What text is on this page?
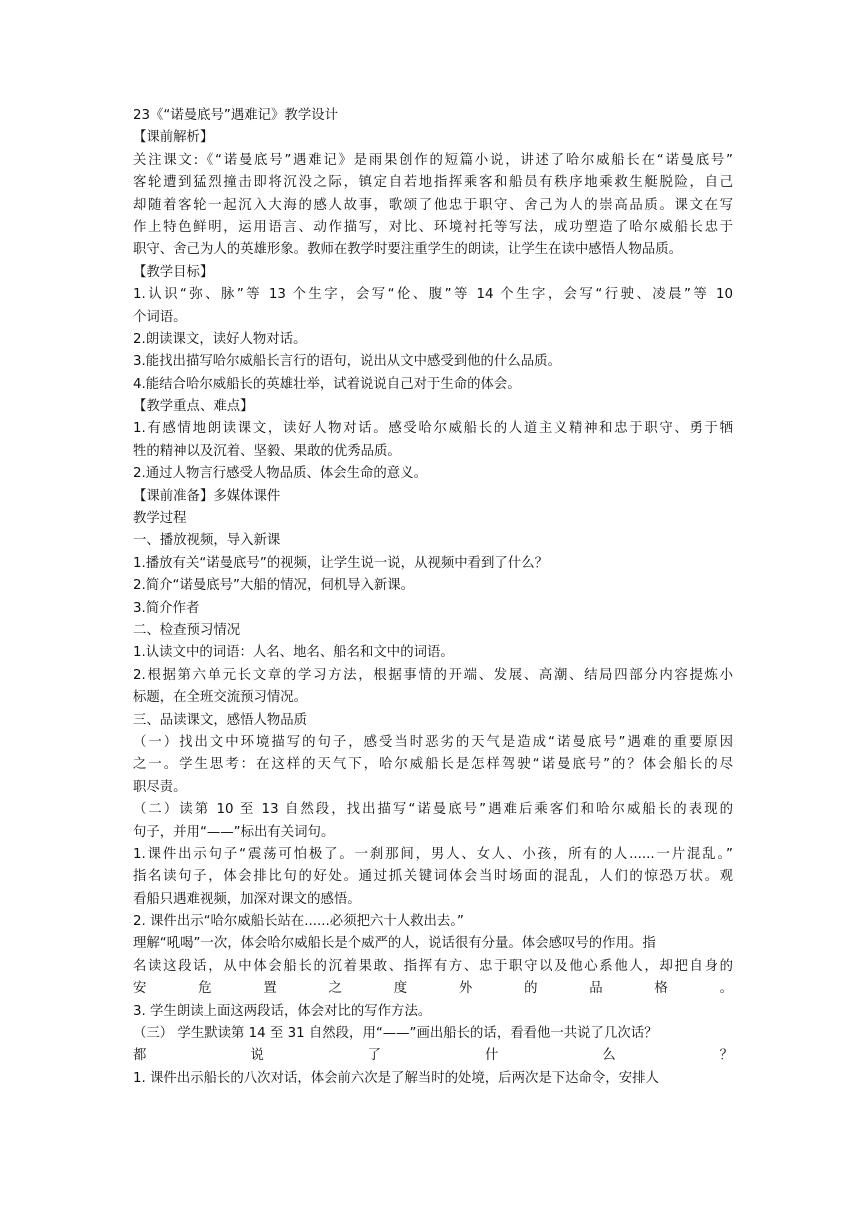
23《“诺曼底号”遇难记》教学设计
【课前解析】
关注课文:《“诺曼底号”遇难记》是雨果创作的短篇小说，讲述了哈尔威船长在“诺曼底号”
客轮遭到猛烈撞击即将沉没之际，镇定自若地指挥乘客和船员有秩序地乘救生艇脱险，自己
却随着客轮一起沉入大海的感人故事，歌颂了他忠于职守、舍己为人的崇高品质。课文在写
作上特色鲜明，运用语言、动作描写，对比、环境衬托等写法，成功塑造了哈尔威船长忠于
职守、舍己为人的英雄形象。教师在教学时要注重学生的朗读，让学生在读中感悟人物品质。
【教学目标】
1.认识“弥、脉”等 13 个生字，会写“伦、腹”等 14 个生字，会写“行驶、凌晨”等 10
个词语。
2.朗读课文，读好人物对话。
3.能找出描写哈尔威船长言行的语句，说出从文中感受到他的什么品质。
4.能结合哈尔威船长的英雄壮举，试着说说自己对于生命的体会。
【教学重点、难点】
1.有感情地朗读课文，读好人物对话。感受哈尔威船长的人道主义精神和忠于职守、勇于牺
牲的精神以及沉着、坚毅、果敢的优秀品质。
2.通过人物言行感受人物品质、体会生命的意义。
【课前准备】多媒体课件
教学过程
一、播放视频，导入新课
1.播放有关“诺曼底号”的视频，让学生说一说，从视频中看到了什么？
2.简介“诺曼底号”大船的情况，伺机导入新课。
3.简介作者
二、检查预习情况
1.认读文中的词语：人名、地名、船名和文中的词语。
2.根据第六单元长文章的学习方法，根据事情的开端、发展、高潮、结局四部分内容提炼小
标题，在全班交流预习情况。
三、品读课文，感悟人物品质
（一）找出文中环境描写的句子，感受当时恶劣的天气是造成“诺曼底号”遇难的重要原因
之一。学生思考：在这样的天气下，哈尔威船长是怎样驾驶“诺曼底号”的？体会船长的尽
职尽责。
（二）读第 10 至 13 自然段，找出描写“诺曼底号”遇难后乘客们和哈尔威船长的表现的
句子，并用“——”标出有关词句。
1.课件出示句子“震荡可怕极了。一刹那间，男人、女人、小孩，所有的人......一片混乱。”
指名读句子，体会排比句的好处。通过抓关键词体会当时场面的混乱，人们的惊恐万状。观
看船只遇难视频，加深对课文的感悟。
2. 课件出示“哈尔威船长站在......必须把六十人救出去。”
理解“吼喝”一次，体会哈尔威船长是个威严的人，说话很有分量。体会感叹号的作用。指
名读这段话，从中体会船长的沉着果敢、指挥有方、忠于职守以及他心系他人，却把自身的
安危置之度外的品格。
3. 学生朗读上面这两段话，体会对比的写作方法。
（三） 学生默读第 14 至 31 自然段，用“——”画出船长的话，看看他一共说了几次话？
都说了什么？
1. 课件出示船长的八次对话，体会前六次是了解当时的处境，后两次是下达命令，安排人
